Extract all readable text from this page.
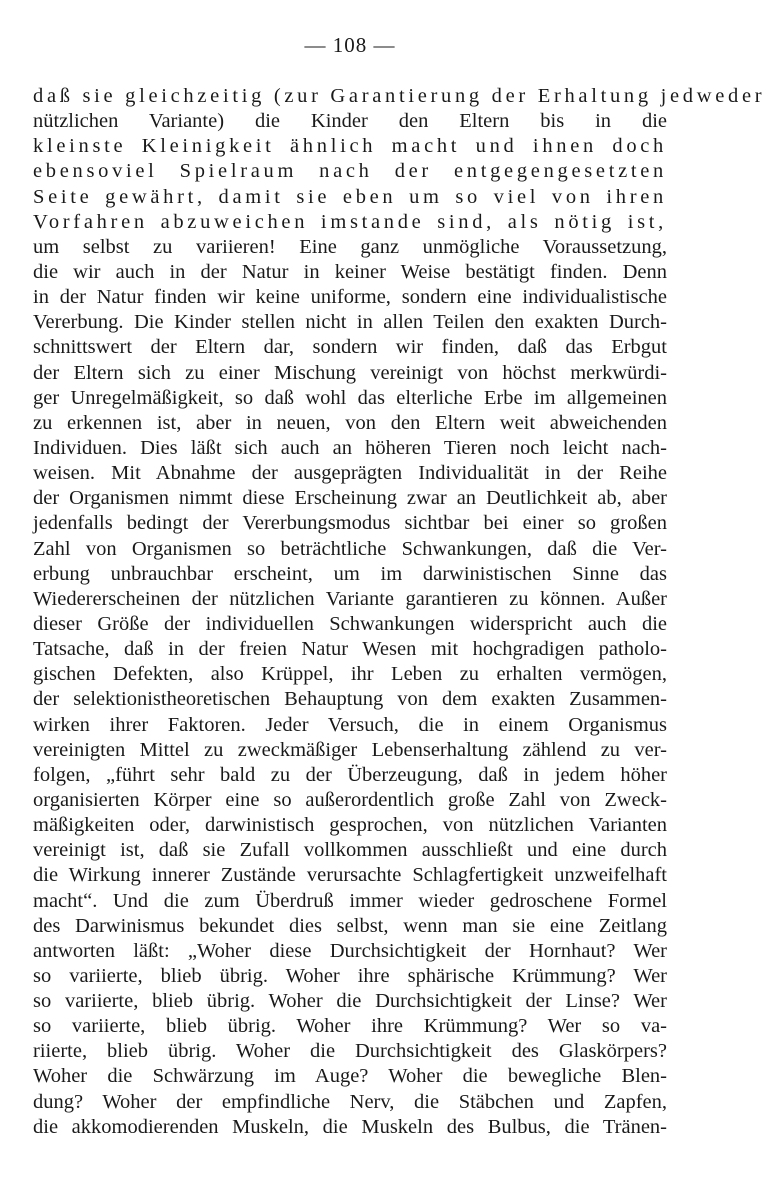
— 108 —
daß sie gleichzeitig (zur Garantierung der Erhaltung jedweder
nützlichen Variante) die Kinder den Eltern bis in die
kleinste Kleinigkeit ähnlich macht und ihnen doch
ebensoviel Spielraum nach der entgegengesetzten
Seite gewährt, damit sie eben um so viel von ihren
Vorfahren abzuweichen imstande sind, als nötig ist,
um selbst zu variieren! Eine ganz unmögliche Voraussetzung,
die wir auch in der Natur in keiner Weise bestätigt finden. Denn
in der Natur finden wir keine uniforme, sondern eine individualistische
Vererbung. Die Kinder stellen nicht in allen Teilen den exakten Durch-
schnittswert der Eltern dar, sondern wir finden, daß das Erbgut
der Eltern sich zu einer Mischung vereinigt von höchst merkwürdi-
ger Unregelmäßigkeit, so daß wohl das elterliche Erbe im allgemeinen
zu erkennen ist, aber in neuen, von den Eltern weit abweichenden
Individuen. Dies läßt sich auch an höheren Tieren noch leicht nach-
weisen. Mit Abnahme der ausgeprägten Individualität in der Reihe
der Organismen nimmt diese Erscheinung zwar an Deutlichkeit ab, aber
jedenfalls bedingt der Vererbungsmodus sichtbar bei einer so großen
Zahl von Organismen so beträchtliche Schwankungen, daß die Ver-
erbung unbrauchbar erscheint, um im darwinistischen Sinne das
Wiedererscheinen der nützlichen Variante garantieren zu können. Außer
dieser Größe der individuellen Schwankungen widerspricht auch die
Tatsache, daß in der freien Natur Wesen mit hochgradigen patholo-
gischen Defekten, also Krüppel, ihr Leben zu erhalten vermögen,
der selektionistheoretischen Behauptung von dem exakten Zusammen-
wirken ihrer Faktoren. Jeder Versuch, die in einem Organismus
vereinigten Mittel zu zweckmäßiger Lebenserhaltung zählend zu ver-
folgen, „führt sehr bald zu der Überzeugung, daß in jedem höher
organisierten Körper eine so außerordentlich große Zahl von Zweck-
mäßigkeiten oder, darwinistisch gesprochen, von nützlichen Varianten
vereinigt ist, daß sie Zufall vollkommen ausschließt und eine durch
die Wirkung innerer Zustände verursachte Schlagfertigkeit unzweifelhaft
macht“. Und die zum Überdruß immer wieder gedroschene Formel
des Darwinismus bekundet dies selbst, wenn man sie eine Zeitlang
antworten läßt: „Woher diese Durchsichtigkeit der Hornhaut? Wer
so variierte, blieb übrig. Woher ihre sphärische Krümmung? Wer
so variierte, blieb übrig. Woher die Durchsichtigkeit der Linse? Wer
so variierte, blieb übrig. Woher ihre Krümmung? Wer so va-
riierte, blieb übrig. Woher die Durchsichtigkeit des Glaskörpers?
Woher die Schwärzung im Auge? Woher die bewegliche Blen-
dung? Woher der empfindliche Nerv, die Stäbchen und Zapfen,
die akkomodierenden Muskeln, die Muskeln des Bulbus, die Tränen-
